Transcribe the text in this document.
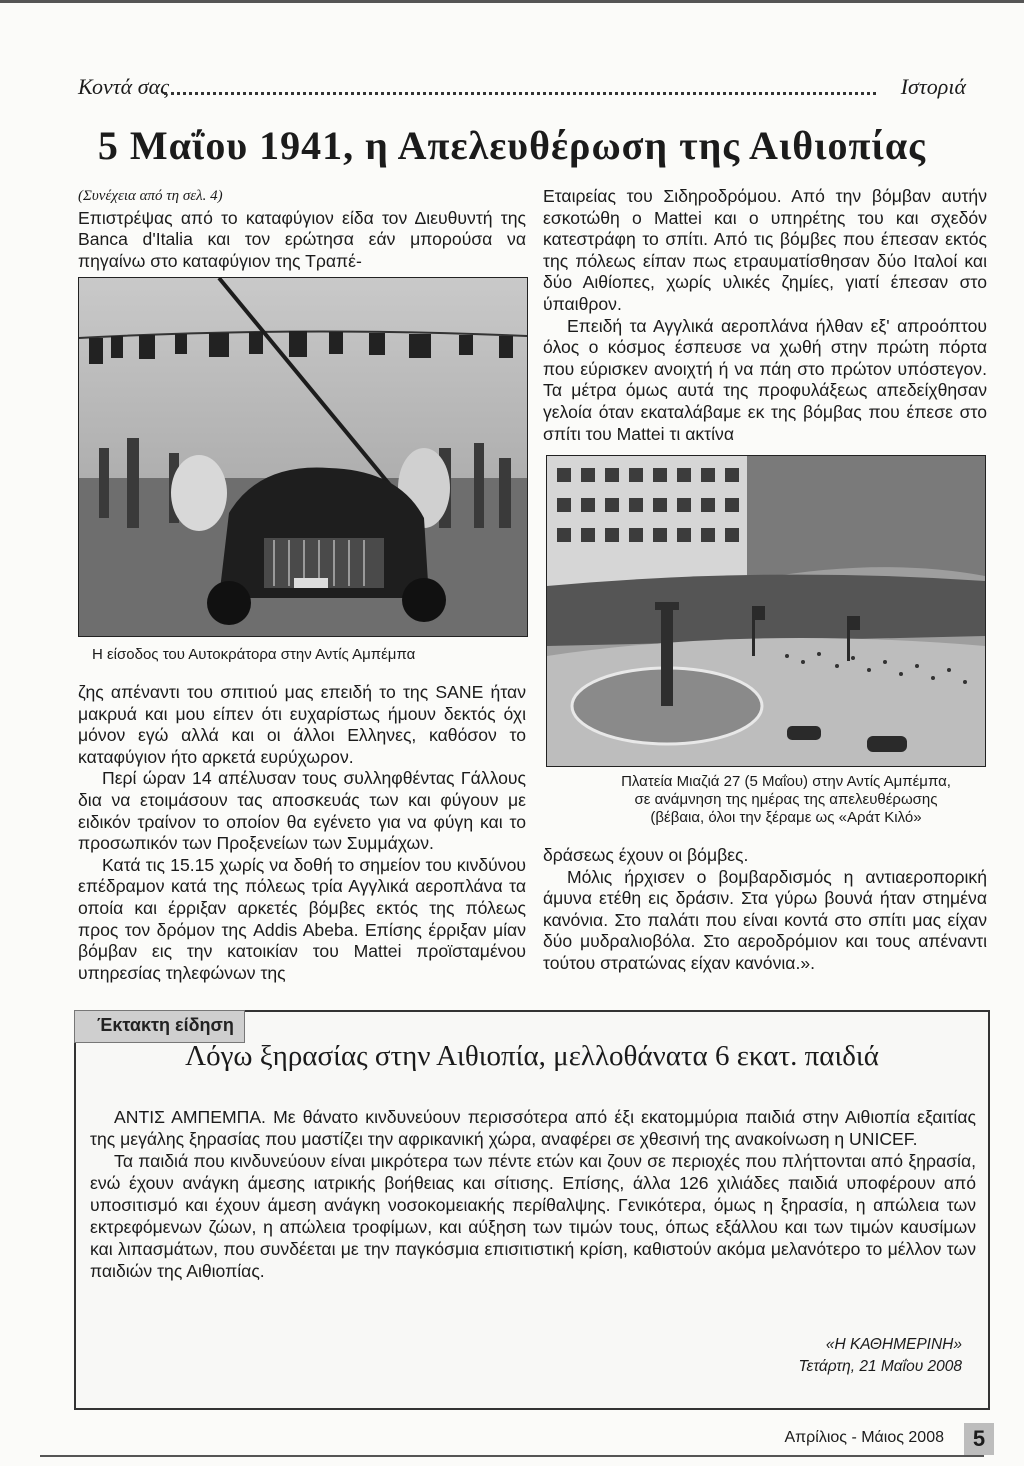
Κοντά σας	Ιστοριά
5 Μαΐου 1941, η Απελευθέρωση της Αιθιοπίας

(Συνέχεια από τη σελ. 4)

Επιστρέψας από το καταφύγιον είδα τον Διευθυντή της Banca d'Italia και τον ερώτησα εάν μπορούσα να πηγαίνω στο καταφύγιον της Τραπέ-

Η είσοδος του Αυτοκράτορα στην Αντίς Αμπέμπα

ζης απέναντι του σπιτιού μας επειδή το της SANE ήταν μακρυά και μου είπεν ότι ευχαρίστως ήμουν δεκτός όχι μόνον εγώ αλλά και οι άλλοι Ελληνες, καθόσον το καταφύγιον ήτο αρκετά ευρύχωρον.

Περί ώραν 14 απέλυσαν τους συλληφθέντας Γάλλους δια να ετοιμάσουν τας αποσκευάς των και φύγουν με ειδικόν τραίνον το οποίον θα εγένετο για να φύγη και το προσωπικόν των Προξενείων των Συμμάχων.

Κατά τις 15.15 χωρίς να δοθή το σημείον του κινδύνου επέδραμον κατά της πόλεως τρία Αγγλικά αεροπλάνα τα οποία και έρριξαν αρκετές βόμβες εκτός της πόλεως προς τον δρόμον της Addis Abeba. Επίσης έρριξαν μίαν βόμβαν εις την κατοικίαν του Mattei προϊσταμένου υπηρεσίας τηλεφώνων της

Εταιρείας του Σιδηροδρόμου. Από την βόμβαν αυτήν εσκοτώθη ο Mattei και ο υπηρέτης του και σχεδόν κατεστράφη το σπίτι. Από τις βόμβες που έπεσαν εκτός της πόλεως είπαν πως ετραυματίσθησαν δύο Ιταλοί και δύο Αιθίοπες, χωρίς υλικές ζημίες, γιατί έπεσαν στο ύπαιθρον.

Επειδή τα Αγγλικά αεροπλάνα ήλθαν εξ' απροόπτου όλος ο κόσμος έσπευσε να χωθή στην πρώτη πόρτα που εύρισκεν ανοιχτή ή να πάη στο πρώτον υπόστεγον. Τα μέτρα όμως αυτά της προφυλάξεως απεδείχθησαν γελοία όταν εκαταλάβαμε εκ της βόμβας που έπεσε στο σπίτι του Mattei τι ακτίνα

Πλατεία Μιαζιά 27 (5 Μαΐου) στην Αντίς Αμπέμπα,
σε ανάμνηση της ημέρας της απελευθέρωσης
(βέβαια, όλοι την ξέραμε ως «Αράτ Κιλό»

δράσεως έχουν οι βόμβες.

Μόλις ήρχισεν ο βομβαρδισμός η αντιαεροπορική άμυνα ετέθη εις δράσιν. Στα γύρω βουνά ήταν στημένα κανόνια. Στο παλάτι που είναι κοντά στο σπίτι μας είχαν δύο μυδραλιοβόλα. Στο αεροδρόμιον και τους απέναντι τούτου στρατώνας είχαν κανόνια.».

Έκτακτη είδηση
Λόγω ξηρασίας στην Αιθιοπία, μελλοθάνατα 6 εκατ. παιδιά

ΑΝΤΙΣ ΑΜΠΕΜΠΑ. Με θάνατο κινδυνεύουν περισσότερα από έξι εκατομμύρια παιδιά στην Αιθιοπία εξαιτίας της μεγάλης ξηρασίας που μαστίζει την αφρικανική χώρα, αναφέρει σε χθεσινή της ανακοίνωση η UNICEF.

Τα παιδιά που κινδυνεύουν είναι μικρότερα των πέντε ετών και ζουν σε περιοχές που πλήττονται από ξηρασία, ενώ έχουν ανάγκη άμεσης ιατρικής βοήθειας και σίτισης. Επίσης, άλλα 126 χιλιάδες παιδιά υποφέρουν από υποσιτισμό και έχουν άμεση ανάγκη νοσοκομειακής περίθαλψης. Γενικότερα, όμως η ξηρασία, η απώλεια των εκτρεφόμενων ζώων, η απώλεια τροφίμων, και αύξηση των τιμών τους, όπως εξάλλου και των τιμών καυσίμων και λιπασμάτων, που συνδέεται με την παγκόσμια επισιτιστική κρίση, καθιστούν ακόμα μελανότερο το μέλλον των παιδιών της Αιθιοπίας.

«Η ΚΑΘΗΜΕΡΙΝΗ»
Τετάρτη, 21 Μαΐου 2008
Απρίλιος - Μάιος 2008	5
